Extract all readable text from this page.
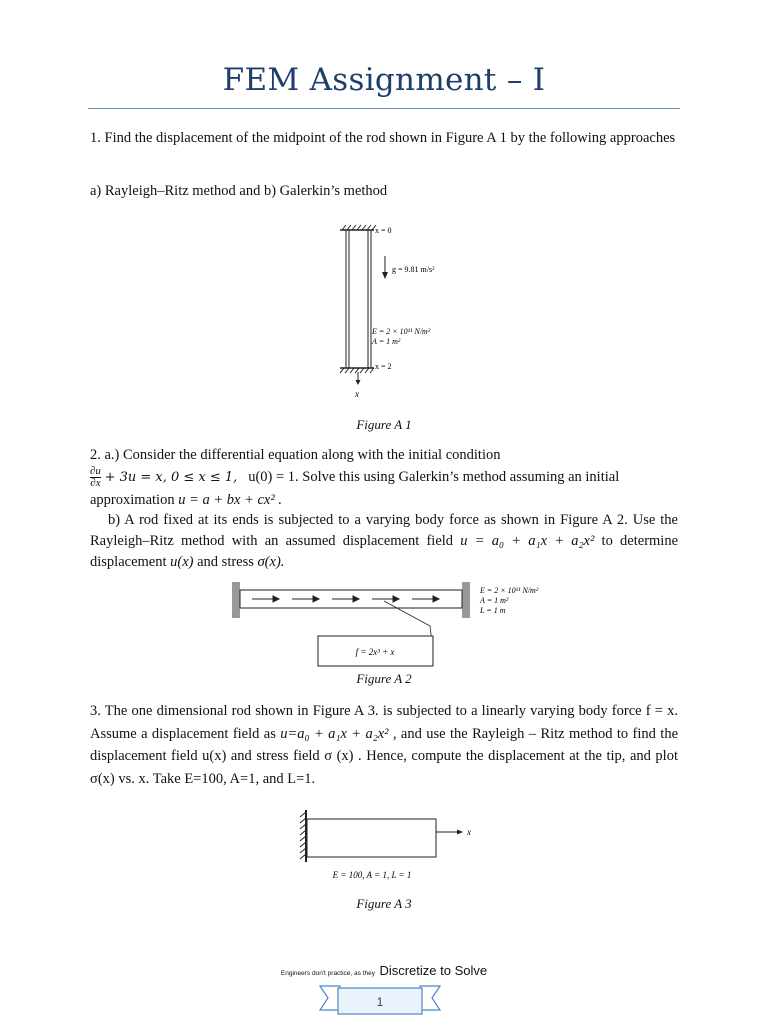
FEM Assignment – I
1. Find the displacement of the midpoint of the rod shown in Figure A 1 by the following approaches
a) Rayleigh–Ritz method and b) Galerkin’s method
x = 0
g = 9.81 m/s²
E = 2 × 10¹¹ N/m²
A = 1 m²
x = 2
x
Figure A 1
2. a.) Consider the differential equation along with the initial condition
$\frac{\partial u}{\partial x} + 3u = x$, 0 ≤ x ≤ 1, u(0) = 1. Solve this using Galerkin’s method assuming an initial
approximation u = a + bx + cx² .
b) A rod fixed at its ends is subjected to a varying body force as shown in Figure A 2. Use the Rayleigh–Ritz method with an assumed displacement field u = a₀ + a₁x + a₂x² to determine displacement u(x) and stress σ(x).
f = 2x³ + x
E = 2 × 10¹¹ N/m²
A = 1 m²
L = 1 m
Figure A 2
3. The one dimensional rod shown in Figure A 3. is subjected to a linearly varying body force f = x. Assume a displacement field as u=a₀ + a₁x + a₂x² , and use the Rayleigh – Ritz method to find the displacement field u(x) and stress field σ (x) . Hence, compute the displacement at the tip, and plot σ(x) vs. x. Take E=100, A=1, and L=1.
x
E = 100, A = 1, L = 1
Figure A 3
Engineers don't practice, as they Discretize to Solve
1
